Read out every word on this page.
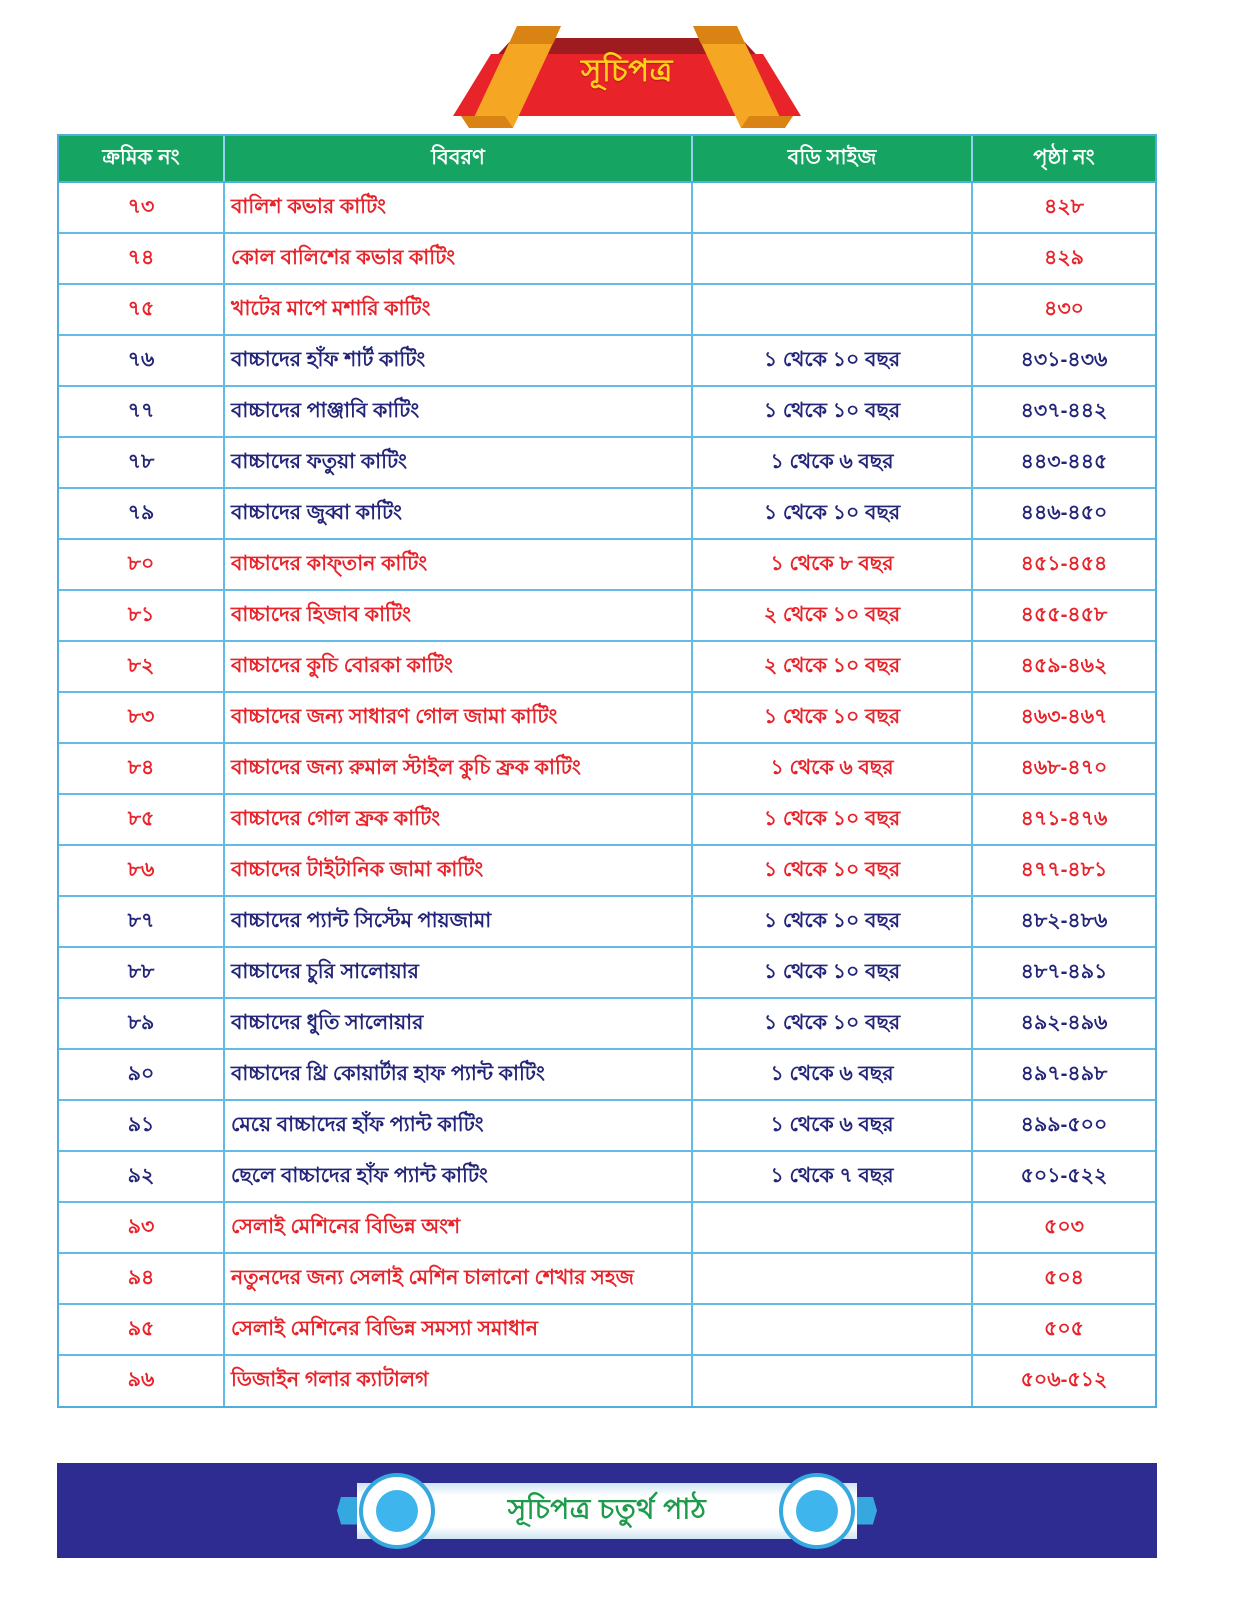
সূচিপত্র
ক্রমিক নং	বিবরণ	বডি সাইজ	পৃষ্ঠা নং
৭৩	বালিশ কভার কাটিং		৪২৮
৭৪	কোল বালিশের কভার কাটিং		৪২৯
৭৫	খাটের মাপে মশারি কাটিং		৪৩০
৭৬	বাচ্চাদের হাঁফ শার্ট কাটিং	১ থেকে ১০ বছর	৪৩১-৪৩৬
৭৭	বাচ্চাদের পাঞ্জাবি কাটিং	১ থেকে ১০ বছর	৪৩৭-৪৪২
৭৮	বাচ্চাদের ফতুয়া কাটিং	১ থেকে ৬ বছর	৪৪৩-৪৪৫
৭৯	বাচ্চাদের জুব্বা কাটিং	১ থেকে ১০ বছর	৪৪৬-৪৫০
৮০	বাচ্চাদের কাফ্তান কাটিং	১ থেকে ৮ বছর	৪৫১-৪৫৪
৮১	বাচ্চাদের হিজাব কাটিং	২ থেকে ১০ বছর	৪৫৫-৪৫৮
৮২	বাচ্চাদের কুচি বোরকা কাটিং	২ থেকে ১০ বছর	৪৫৯-৪৬২
৮৩	বাচ্চাদের জন্য সাধারণ গোল জামা কাটিং	১ থেকে ১০ বছর	৪৬৩-৪৬৭
৮৪	বাচ্চাদের জন্য রুমাল স্টাইল কুচি ফ্রক কাটিং	১ থেকে ৬ বছর	৪৬৮-৪৭০
৮৫	বাচ্চাদের গোল ফ্রক কাটিং	১ থেকে ১০ বছর	৪৭১-৪৭৬
৮৬	বাচ্চাদের টাইটানিক জামা কাটিং	১ থেকে ১০ বছর	৪৭৭-৪৮১
৮৭	বাচ্চাদের প্যান্ট সিস্টেম পায়জামা	১ থেকে ১০ বছর	৪৮২-৪৮৬
৮৮	বাচ্চাদের চুরি সালোয়ার	১ থেকে ১০ বছর	৪৮৭-৪৯১
৮৯	বাচ্চাদের ধুতি সালোয়ার	১ থেকে ১০ বছর	৪৯২-৪৯৬
৯০	বাচ্চাদের থ্রি কোয়ার্টার হাফ প্যান্ট কাটিং	১ থেকে ৬ বছর	৪৯৭-৪৯৮
৯১	মেয়ে বাচ্চাদের হাঁফ প্যান্ট কাটিং	১ থেকে ৬ বছর	৪৯৯-৫০০
৯২	ছেলে বাচ্চাদের হাঁফ প্যান্ট কাটিং	১ থেকে ৭ বছর	৫০১-৫২২
৯৩	সেলাই মেশিনের বিভিন্ন অংশ		৫০৩
৯৪	নতুনদের জন্য সেলাই মেশিন চালানো শেখার সহজ		৫০৪
৯৫	সেলাই মেশিনের বিভিন্ন সমস্যা সমাধান		৫০৫
৯৬	ডিজাইন গলার ক্যাটালগ		৫০৬-৫১২
সূচিপত্র চতুর্থ পাঠ
